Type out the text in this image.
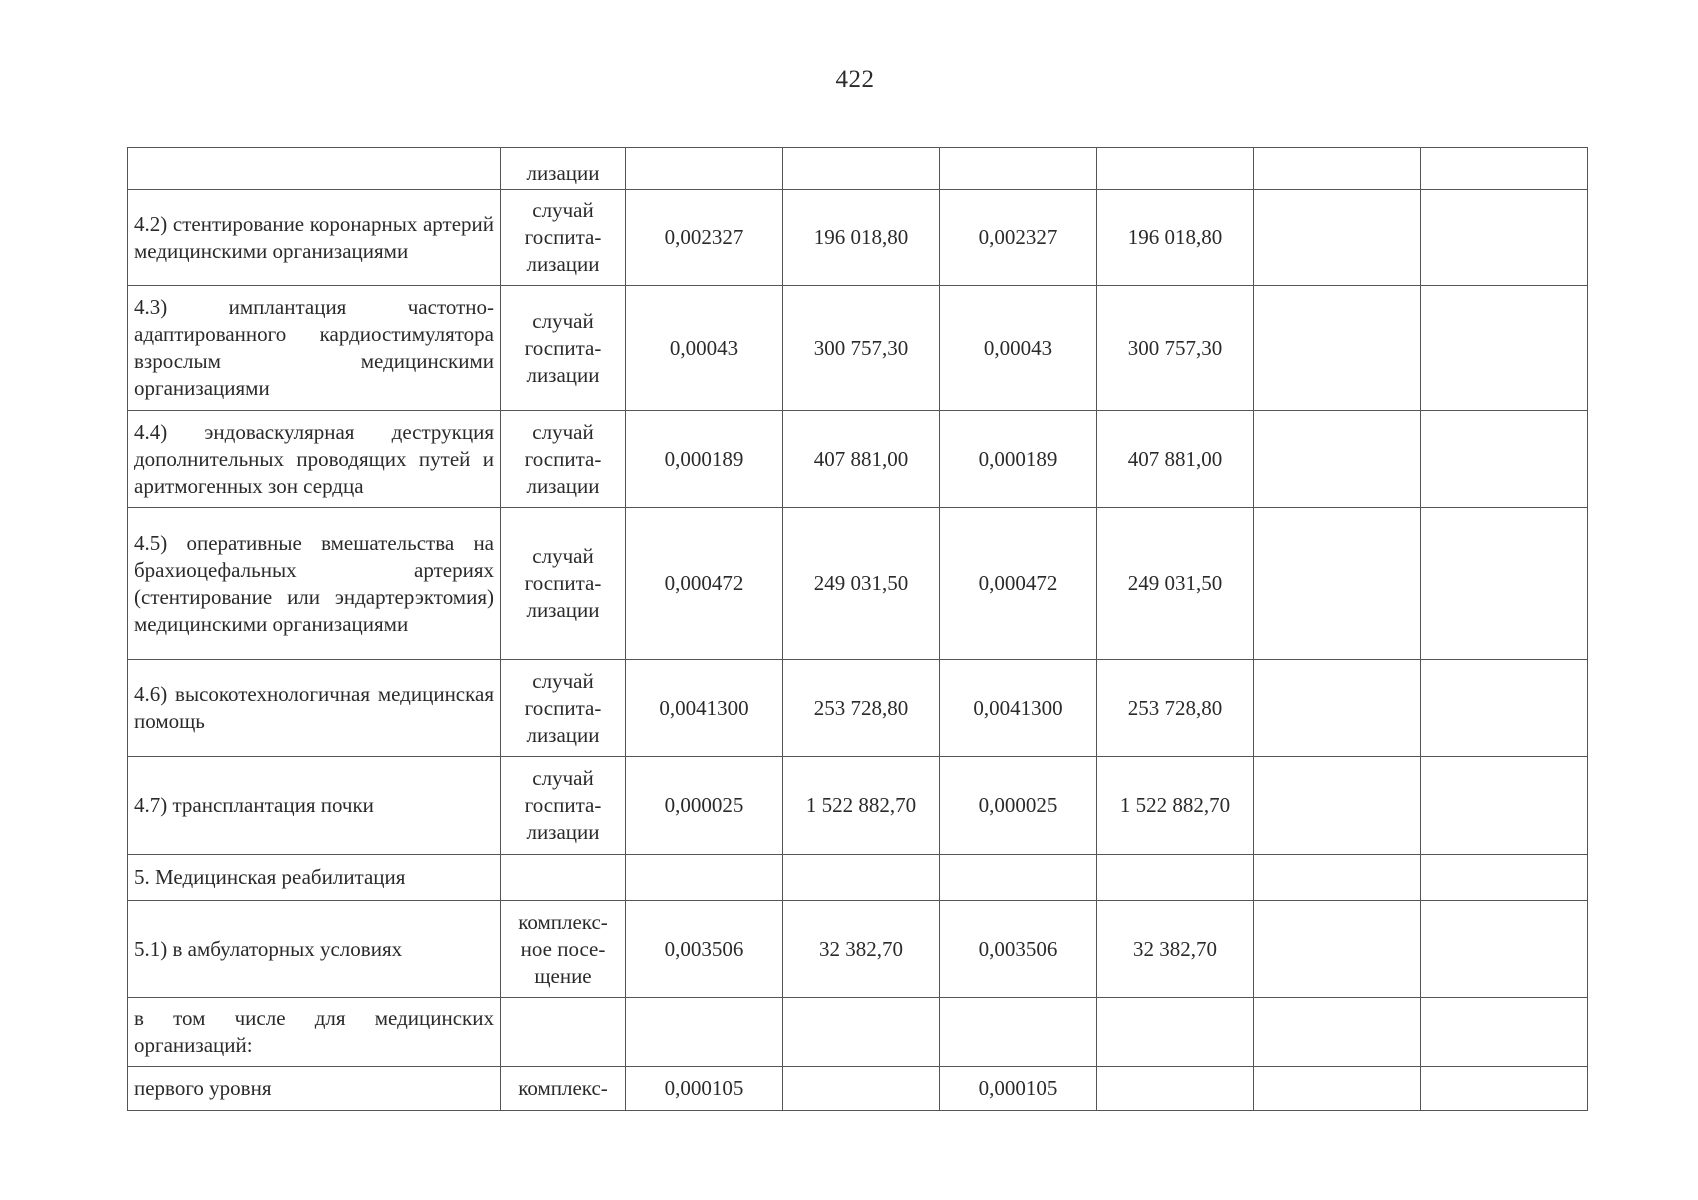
422
	лизации						
4.2) стентирование коронарных артерий медицинскими организациями	случай госпита-лизации	0,002327	196 018,80	0,002327	196 018,80		
4.3) имплантация частотно-адаптированного кардиостимулятора взрослым медицинскими организациями	случай госпита-лизации	0,00043	300 757,30	0,00043	300 757,30		
4.4) эндоваскулярная деструкция дополнительных проводящих путей и аритмогенных зон сердца	случай госпита-лизации	0,000189	407 881,00	0,000189	407 881,00		
4.5) оперативные вмешательства на брахиоцефальных артериях (стентирование или эндартерэктомия) медицинскими организациями	случай госпита-лизации	0,000472	249 031,50	0,000472	249 031,50		
4.6) высокотехнологичная медицинская помощь	случай госпита-лизации	0,0041300	253 728,80	0,0041300	253 728,80		
4.7) трансплантация почки	случай госпита-лизации	0,000025	1 522 882,70	0,000025	1 522 882,70		
5. Медицинская реабилитация							
5.1) в амбулаторных условиях	комплекс-ное посе-щение	0,003506	32 382,70	0,003506	32 382,70		
в том числе для медицинских организаций:							
первого уровня	комплекс-	0,000105		0,000105			
